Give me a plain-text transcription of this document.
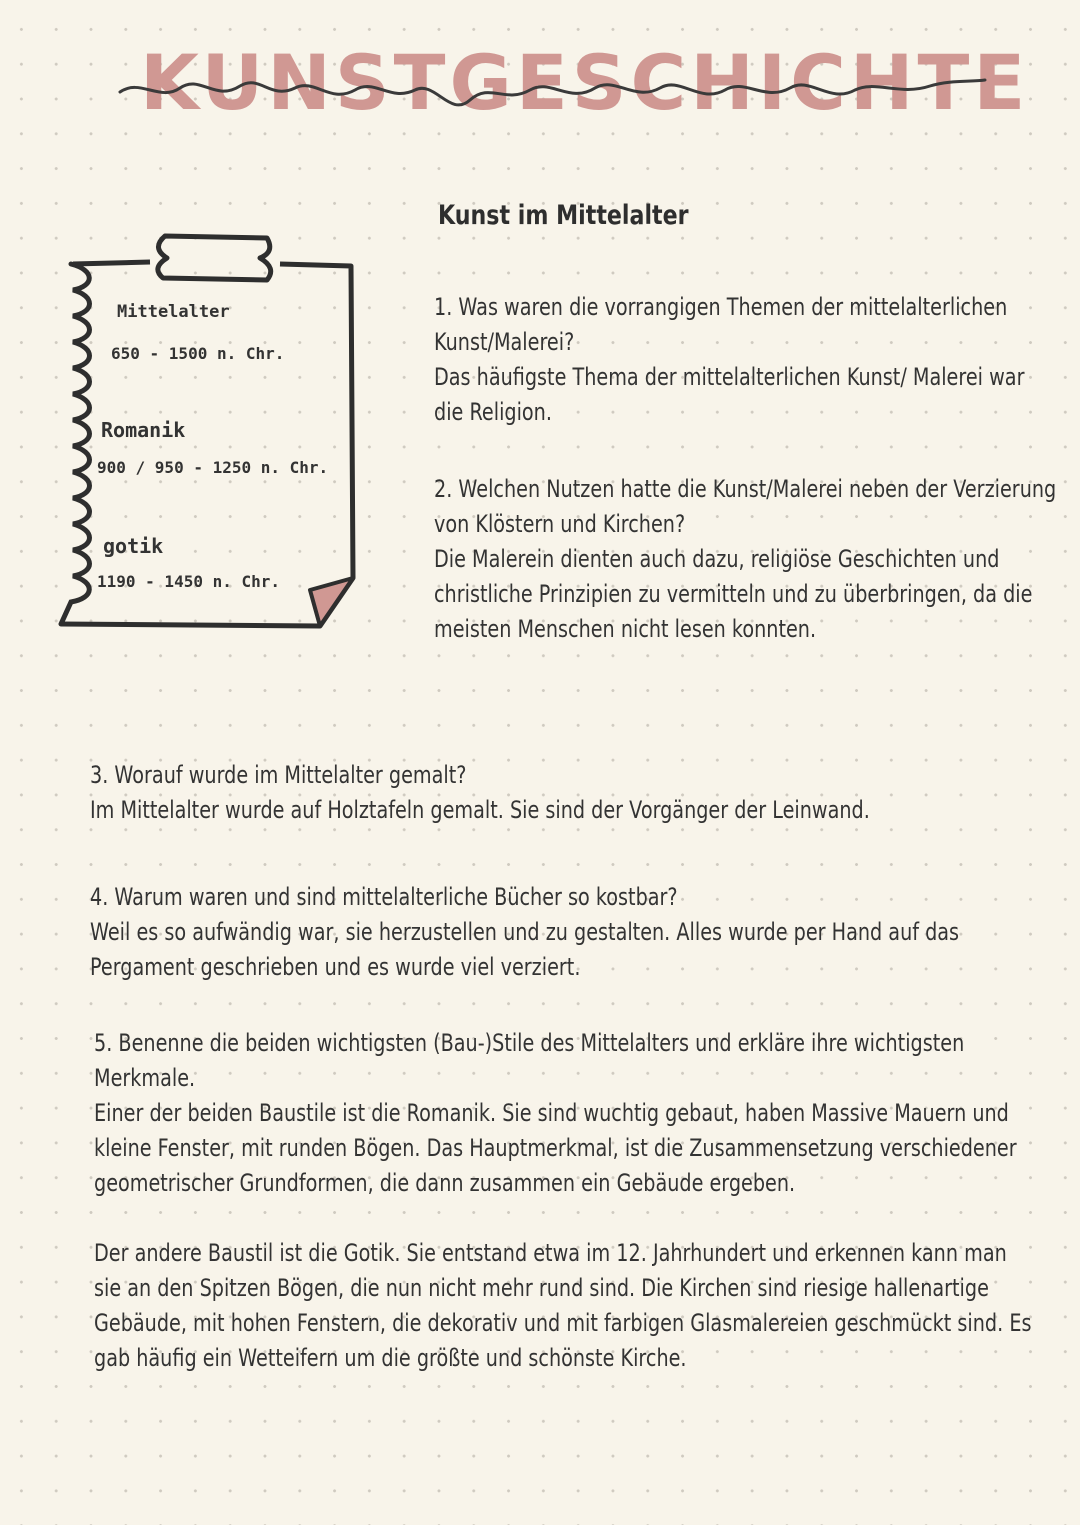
KUNSTGESCHICHTE
Mittelalter
650 - 1500 n. Chr.
Romanik
900 / 950 - 1250 n. Chr.
gotik
1190 - 1450 n. Chr.
Kunst im Mittelalter

1. Was waren die vorrangigen Themen der mittelalterlichen Kunst/Malerei?

Das häufigste Thema der mittelalterlichen Kunst/ Malerei war die Religion.

2. Welchen Nutzen hatte die Kunst/Malerei neben der Verzierung von Klöstern und Kirchen?

Die Malerein dienten auch dazu, religiöse Geschichten und christliche Prinzipien zu vermitteln und zu überbringen, da die meisten Menschen nicht lesen konnten.

3. Worauf wurde im Mittelalter gemalt?

Im Mittelalter wurde auf Holztafeln gemalt. Sie sind der Vorgänger der Leinwand.

4. Warum waren und sind mittelalterliche Bücher so kostbar?

Weil es so aufwändig war, sie herzustellen und zu gestalten. Alles wurde per Hand auf das Pergament geschrieben und es wurde viel verziert.

5. Benenne die beiden wichtigsten (Bau-)Stile des Mittelalters und erkläre ihre wichtigsten Merkmale.

Einer der beiden Baustile ist die Romanik. Sie sind wuchtig gebaut, haben Massive Mauern und kleine Fenster, mit runden Bögen. Das Hauptmerkmal, ist die Zusammensetzung verschiedener geometrischer Grundformen, die dann zusammen ein Gebäude ergeben.

Der andere Baustil ist die Gotik. Sie entstand etwa im 12. Jahrhundert und erkennen kann man sie an den Spitzen Bögen, die nun nicht mehr rund sind. Die Kirchen sind riesige hallenartige Gebäude, mit hohen Fenstern, die dekorativ und mit farbigen Glasmalereien geschmückt sind. Es gab häufig ein Wetteifern um die größte und schönste Kirche.
